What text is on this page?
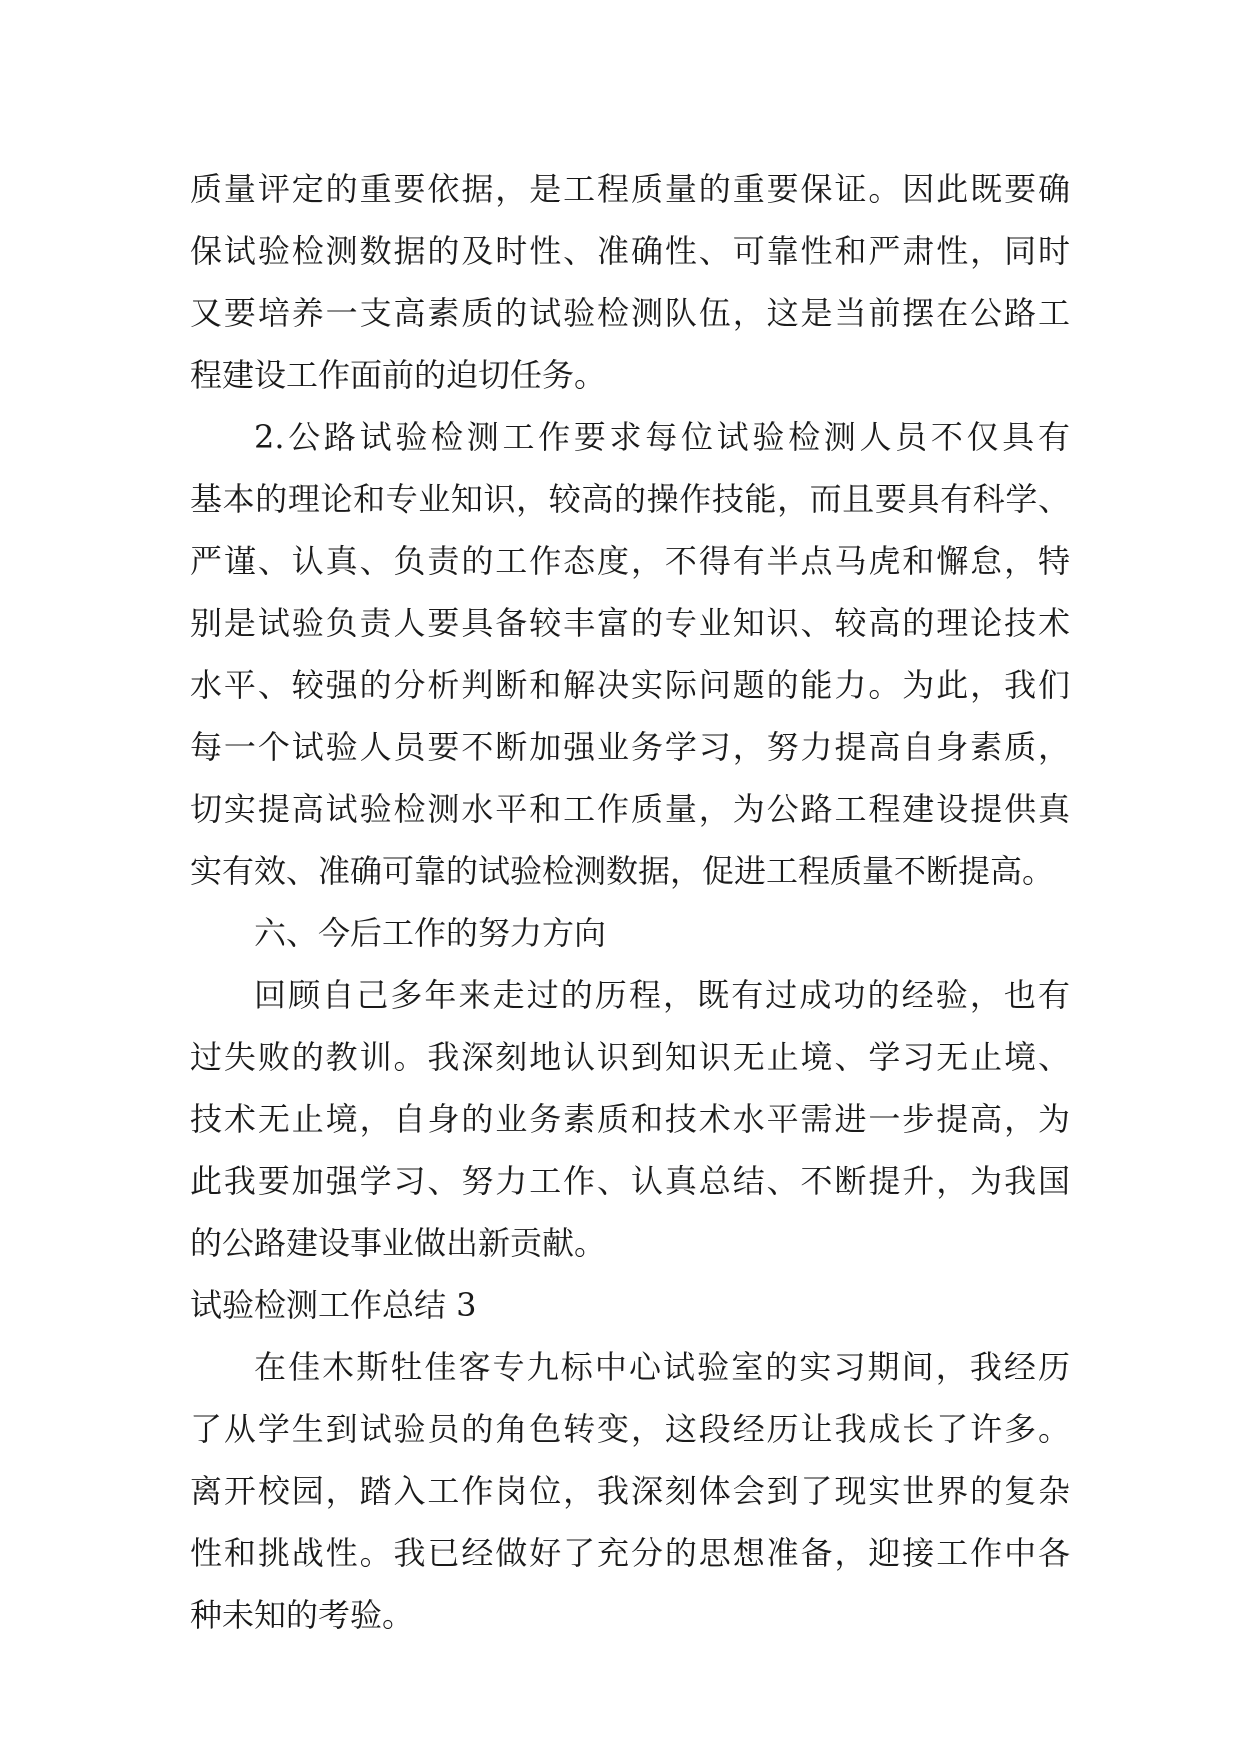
质量评定的重要依据，是工程质量的重要保证。因此既要确
保试验检测数据的及时性、准确性、可靠性和严肃性，同时
又要培养一支高素质的试验检测队伍，这是当前摆在公路工
程建设工作面前的迫切任务。
2.公路试验检测工作要求每位试验检测人员不仅具有
基本的理论和专业知识，较高的操作技能，而且要具有科学、
严谨、认真、负责的工作态度，不得有半点马虎和懈怠，特
别是试验负责人要具备较丰富的专业知识、较高的理论技术
水平、较强的分析判断和解决实际问题的能力。为此，我们
每一个试验人员要不断加强业务学习，努力提高自身素质，
切实提高试验检测水平和工作质量，为公路工程建设提供真
实有效、准确可靠的试验检测数据，促进工程质量不断提高。
六、今后工作的努力方向
回顾自己多年来走过的历程，既有过成功的经验，也有
过失败的教训。我深刻地认识到知识无止境、学习无止境、
技术无止境，自身的业务素质和技术水平需进一步提高，为
此我要加强学习、努力工作、认真总结、不断提升，为我国
的公路建设事业做出新贡献。
试验检测工作总结 3
在佳木斯牡佳客专九标中心试验室的实习期间，我经历
了从学生到试验员的角色转变，这段经历让我成长了许多。
离开校园，踏入工作岗位，我深刻体会到了现实世界的复杂
性和挑战性。我已经做好了充分的思想准备，迎接工作中各
种未知的考验。
